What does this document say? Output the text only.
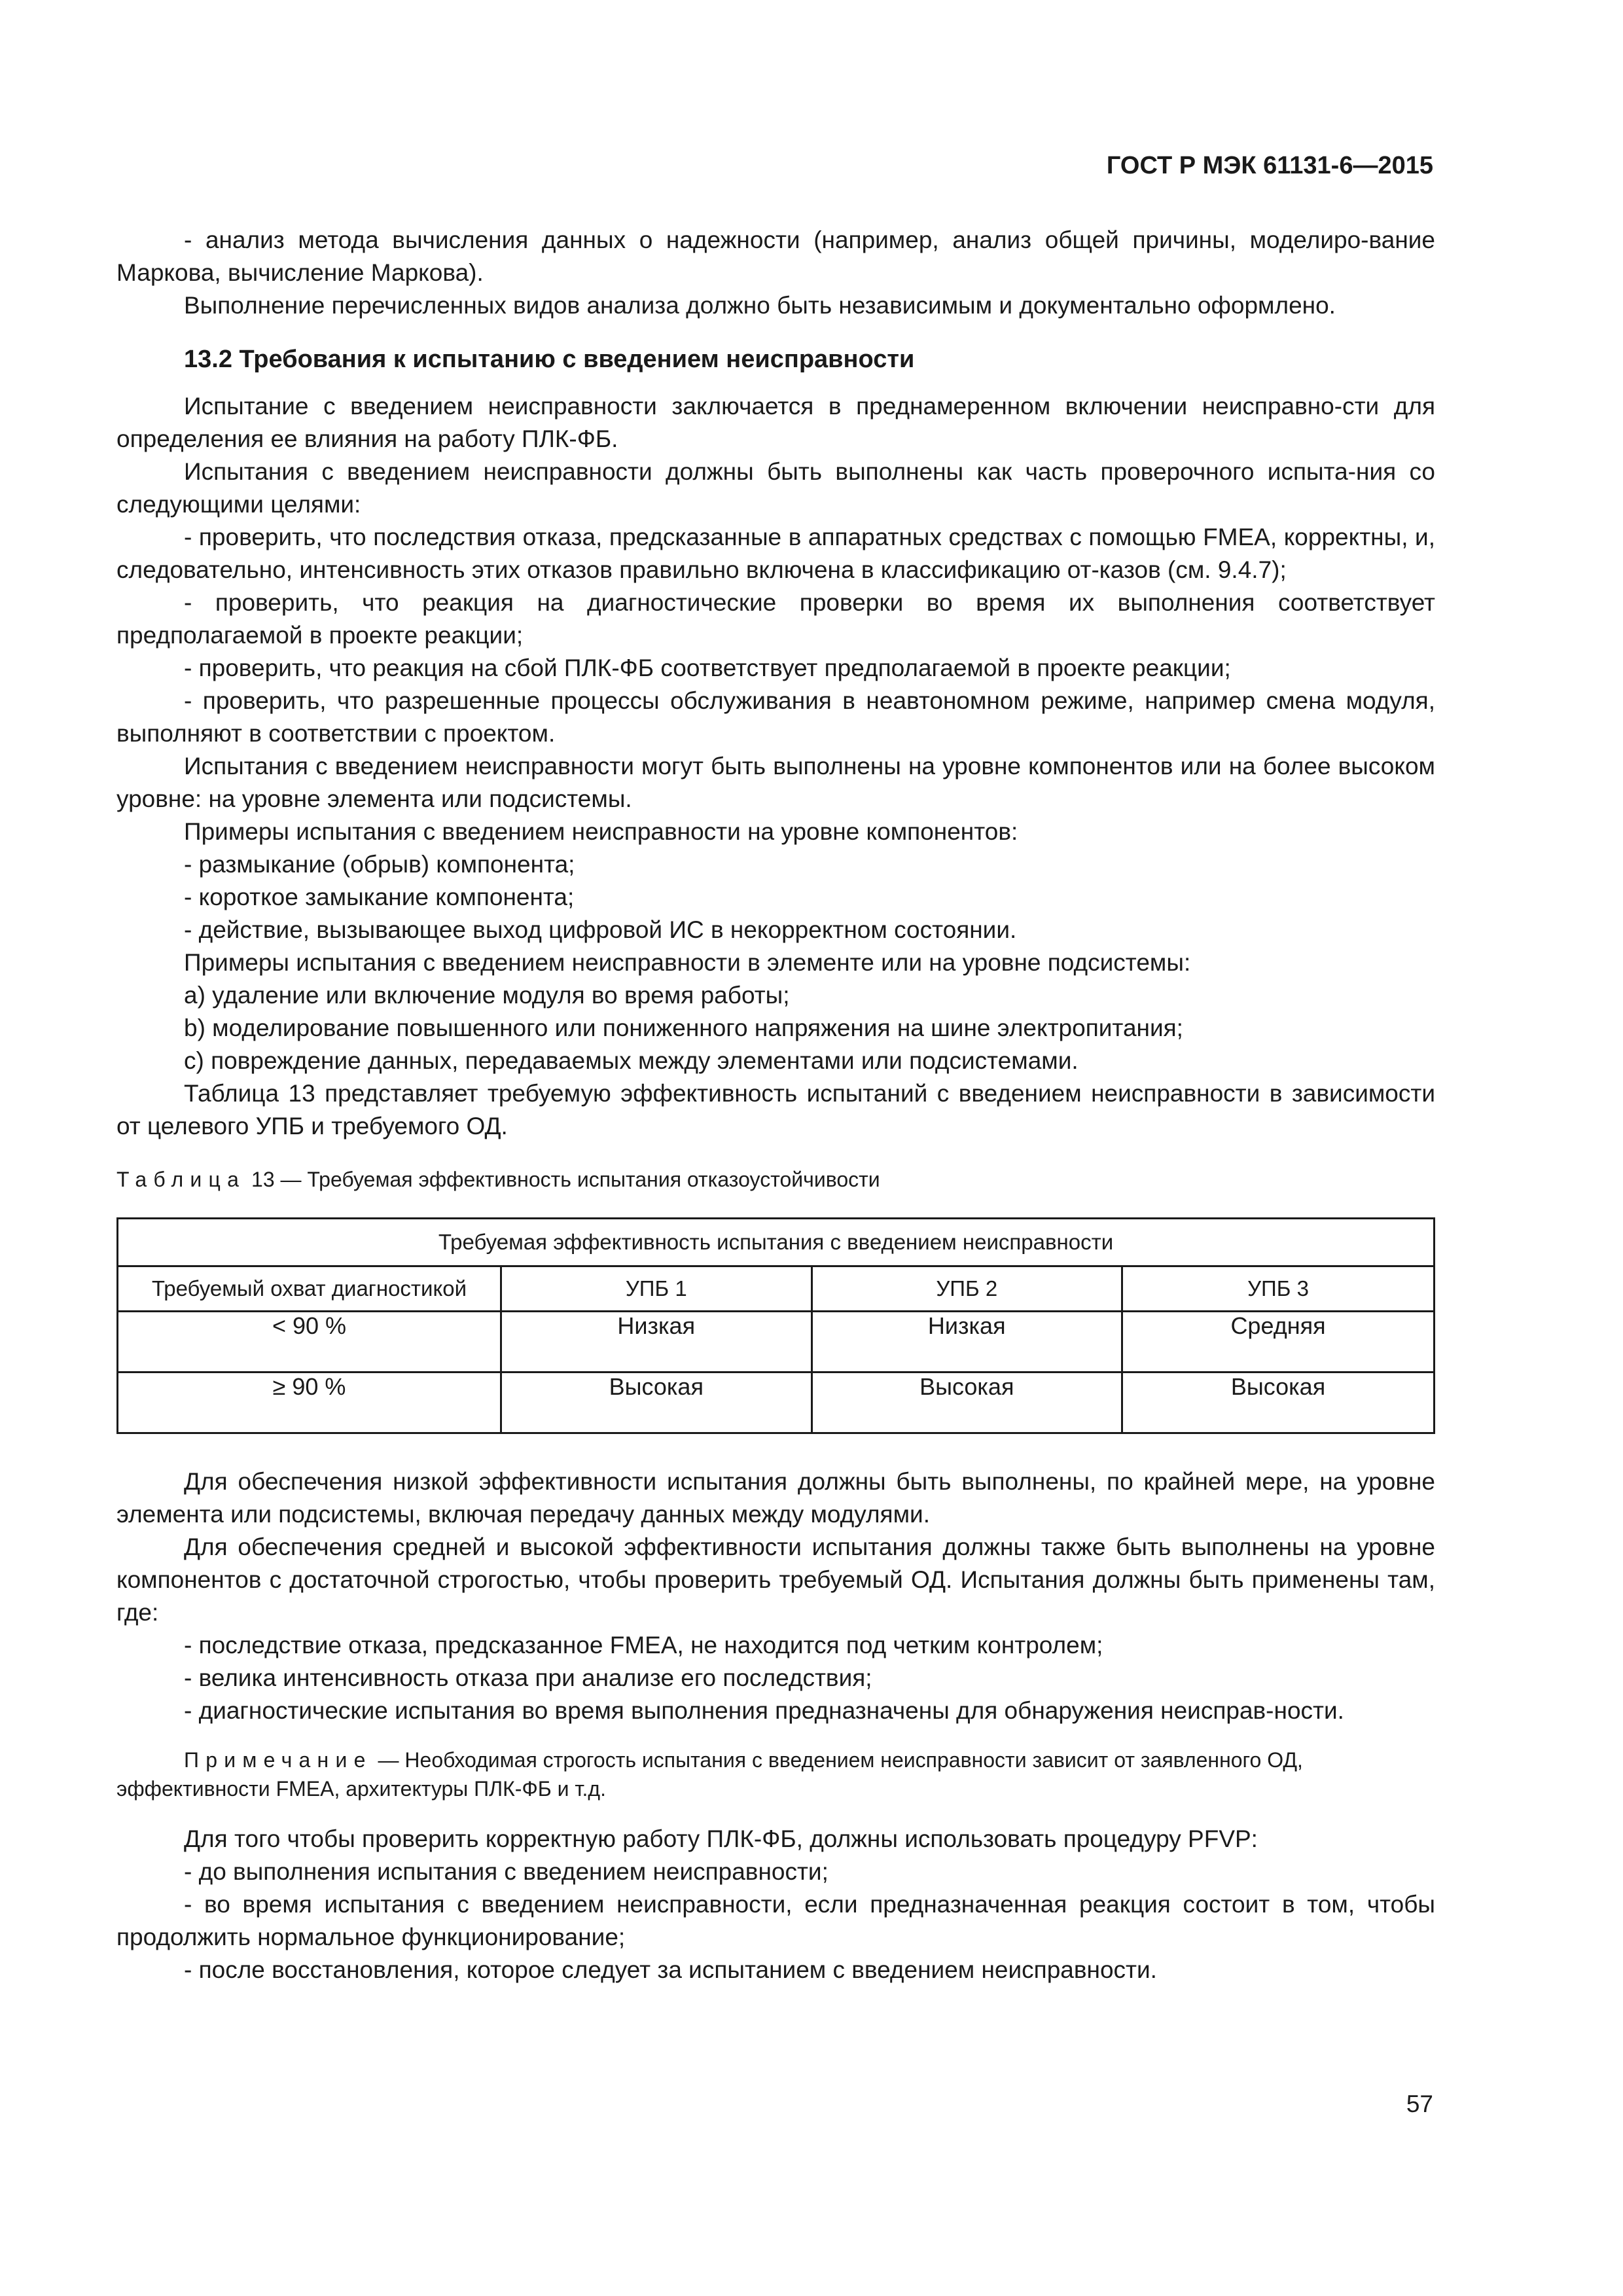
ГОСТ Р МЭК 61131-6—2015

- анализ метода вычисления данных о надежности (например, анализ общей причины, моделиро-вание Маркова, вычисление Маркова).

Выполнение перечисленных видов анализа должно быть независимым и документально оформлено.

13.2 Требования к испытанию с введением неисправности

Испытание с введением неисправности заключается в преднамеренном включении неисправно-сти для определения ее влияния на работу ПЛК-ФБ.

Испытания с введением неисправности должны быть выполнены как часть проверочного испыта-ния со следующими целями:

- проверить, что последствия отказа, предсказанные в аппаратных средствах с помощью FMEA, корректны, и, следовательно, интенсивность этих отказов правильно включена в классификацию от-казов (см. 9.4.7);

- проверить, что реакция на диагностические проверки во время их выполнения соответствует предполагаемой в проекте реакции;

- проверить, что реакция на сбой ПЛК-ФБ соответствует предполагаемой в проекте реакции;

- проверить, что разрешенные процессы обслуживания в неавтономном режиме, например смена модуля, выполняют в соответствии с проектом.

Испытания с введением неисправности могут быть выполнены на уровне компонентов или на более высоком уровне: на уровне элемента или подсистемы.

Примеры испытания с введением неисправности на уровне компонентов:

- размыкание (обрыв) компонента;

- короткое замыкание компонента;

- действие, вызывающее выход цифровой ИС в некорректном состоянии.

Примеры испытания с введением неисправности в элементе или на уровне подсистемы:

a) удаление или включение модуля во время работы;

b) моделирование повышенного или пониженного напряжения на шине электропитания;

c) повреждение данных, передаваемых между элементами или подсистемами.

Таблица 13 представляет требуемую эффективность испытаний с введением неисправности в зависимости от целевого УПБ и требуемого ОД.

Таблица 13 — Требуемая эффективность испытания отказоустойчивости
Требуемая эффективность испытания с введением неисправности			
Требуемый охват диагностикой	УПБ 1	УПБ 2	УПБ 3
< 90 %	Низкая	Низкая	Средняя
≥ 90 %	Высокая	Высокая	Высокая

Для обеспечения низкой эффективности испытания должны быть выполнены, по крайней мере, на уровне элемента или подсистемы, включая передачу данных между модулями.

Для обеспечения средней и высокой эффективности испытания должны также быть выполнены на уровне компонентов с достаточной строгостью, чтобы проверить требуемый ОД. Испытания должны быть применены там, где:

- последствие отказа, предсказанное FMEA, не находится под четким контролем;

- велика интенсивность отказа при анализе его последствия;

- диагностические испытания во время выполнения предназначены для обнаружения неисправ-ности.

Примечание — Необходимая строгость испытания с введением неисправности зависит от заявленного ОД, эффективности FMEA, архитектуры ПЛК-ФБ и т.д.

Для того чтобы проверить корректную работу ПЛК-ФБ, должны использовать процедуру PFVP:

- до выполнения испытания с введением неисправности;

- во время испытания с введением неисправности, если предназначенная реакция состоит в том, чтобы продолжить нормальное функционирование;

- после восстановления, которое следует за испытанием с введением неисправности.

57
